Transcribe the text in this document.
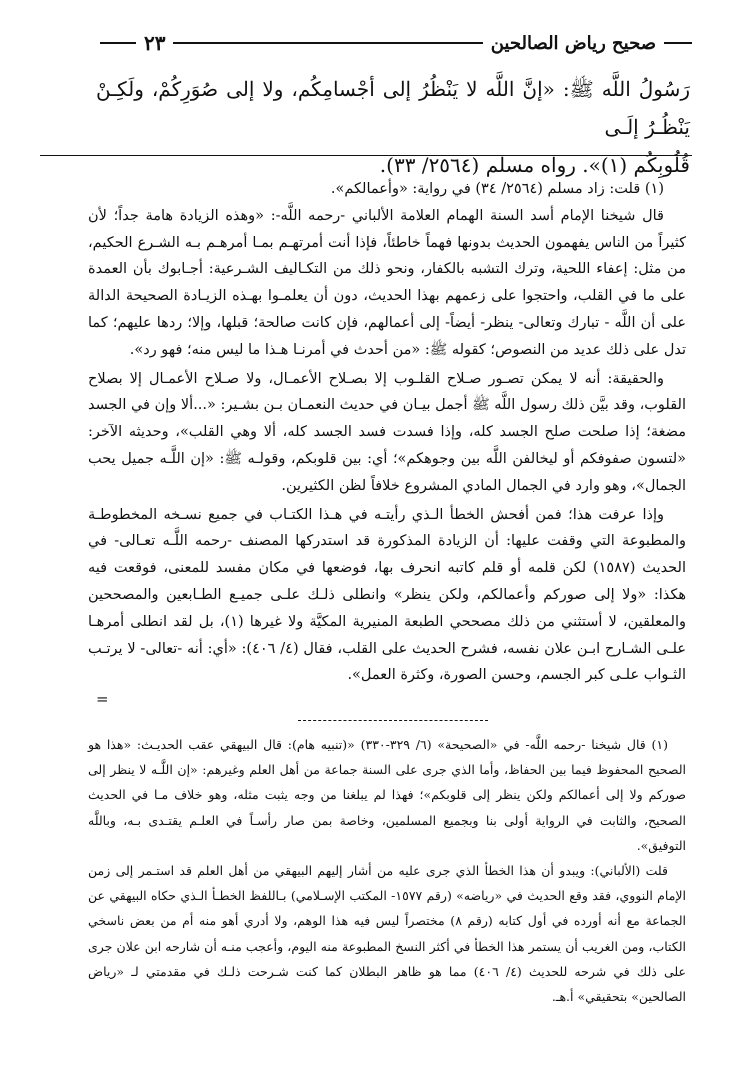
صحيح رياض الصالحين
٢٣
رَسُولُ اللَّه ﷺ: «إنَّ اللَّه لا يَنْظُرُ إلى أجْسامِكُم، ولا إلى صُوَرِكُمْ، ولَكِـنْ يَنْظُـرُ إلَـى
قُلُوبِكُم (١)». رواه مسلم (٢٥٦٤/ ٣٣).

(١) قلت: زاد مسلم (٢٥٦٤/ ٣٤) في رواية: «وأعمالكم».

قال شيخنا الإمام أسد السنة الهمام العلامة الألباني -رحمه اللَّه-: «وهذه الزيادة هامة جداً؛ لأن كثيراً من الناس يفهمون الحديث بدونها فهماً خاطئاً، فإذا أنت أمرتهـم بمـا أمرهـم بـه الشـرع الحكيم، من مثل: إعفاء اللحية، وترك التشبه بالكفار، ونحو ذلك من التكـاليف الشـرعية: أجـابوك بأن العمدة على ما في القلب، واحتجوا على زعمهم بهذا الحديث، دون أن يعلمـوا بهـذه الزيـادة الصحيحة الدالة على أن اللَّه - تبارك وتعالى- ينظر- أيضاً- إلى أعمالهم، فإن كانت صالحة؛ قبلها، وإلا؛ ردها عليهم؛ كما تدل على ذلك عديد من النصوص؛ كقوله ﷺ: «من أحدث في أمرنـا هـذا ما ليس منه؛ فهو رد».

والحقيقة: أنه لا يمكن تصـور صـلاح القلـوب إلا بصـلاح الأعمـال، ولا صـلاح الأعمـال إلا بصلاح القلوب، وقد بيَّن ذلك رسول اللَّه ﷺ أجمل بيـان في حديث النعمـان بـن بشـير: «...ألا وإن في الجسد مضغة؛ إذا صلحت صلح الجسد كله، وإذا فسدت فسد الجسد كله، ألا وهي القلب»، وحديثه الآخر: «لتسون صفوفكم أو ليخالفن اللَّه بين وجوهكم»؛ أي: بين قلوبكم، وقولـه ﷺ: «إن اللَّـه جميل يحب الجمال»، وهو وارد في الجمال المادي المشروع خلافاً لظن الكثيرين.

وإذا عرفت هذا؛ فمن أفحش الخطأ الـذي رأيتـه في هـذا الكتـاب في جميع نسـخه المخطوطـة والمطبوعة التي وقفت عليها: أن الزيادة المذكورة قد استدركها المصنف -رحمه اللَّـه تعـالى- في الحديث (١٥٨٧) لكن قلمه أو قلم كاتبه انحرف بها، فوضعها في مكان مفسد للمعنى، فوقعت فيه هكذا: «ولا إلى صوركم وأعمالكم، ولكن ينظر» وانطلى ذلـك علـى جميـع الطـابعين والمصححين والمعلقين، لا أستثني من ذلك مصححي الطبعة المنيرية المكيَّة ولا غيرها (١)، بل لقد انطلى أمرهـا علـى الشـارح ابـن علان نفسه، فشرح الحديث على القلب، فقال (٤/ ٤٠٦): «أي: أنه -تعالى- لا يرتـب الثـواب علـى كبر الجسم، وحسن الصورة، وكثرة العمل».

=

(١) قال شيخنا -رحمه اللَّه- في «الصحيحة» (٦/ ٣٢٩-٣٣٠) «(تنبيه هام): قال البيهقي عقب الحديـث: «هذا هو الصحيح المحفوظ فيما بين الحفاظ، وأما الذي جرى على السنة جماعة من أهل العلم وغيرهم: «إن اللَّـه لا ينظر إلى صوركم ولا إلى أعمالكم ولكن ينظر إلى قلوبكم»؛ فهذا لم يبلغنا من وجه يثبت مثله، وهو خلاف مـا في الحديث الصحيح، والثابت في الرواية أولى بنا وبجميع المسلمين، وخاصة بمن صار رأسـاً في العلـم يقتـدى بـه، وباللَّه التوفيق».

قلت (الألباني): ويبدو أن هذا الخطأ الذي جرى عليه من أشار إليهم البيهقي من أهل العلم قد استـمر إلى زمن الإمام النووي، فقد وقع الحديث في «رياضه» (رقم ١٥٧٧- المكتب الإسـلامي) بـاللفظ الخطـأ الـذي حكاه البيهقي عن الجماعة مع أنه أورده في أول كتابه (رقم ٨) مختصراً ليس فيه هذا الوهم، ولا أدري أهو منه أم من بعض ناسخي الكتاب، ومن الغريب أن يستمر هذا الخطأ في أكثر النسخ المطبوعة منه اليوم، وأعجب منـه أن شارحه ابن علان جرى على ذلك في شرحه للحديث (٤/ ٤٠٦) مما هو ظاهر البطلان كما كنت شـرحت ذلـك في مقدمتي لـ «رياض الصالحين» بتحقيقي» أ.هـ.
